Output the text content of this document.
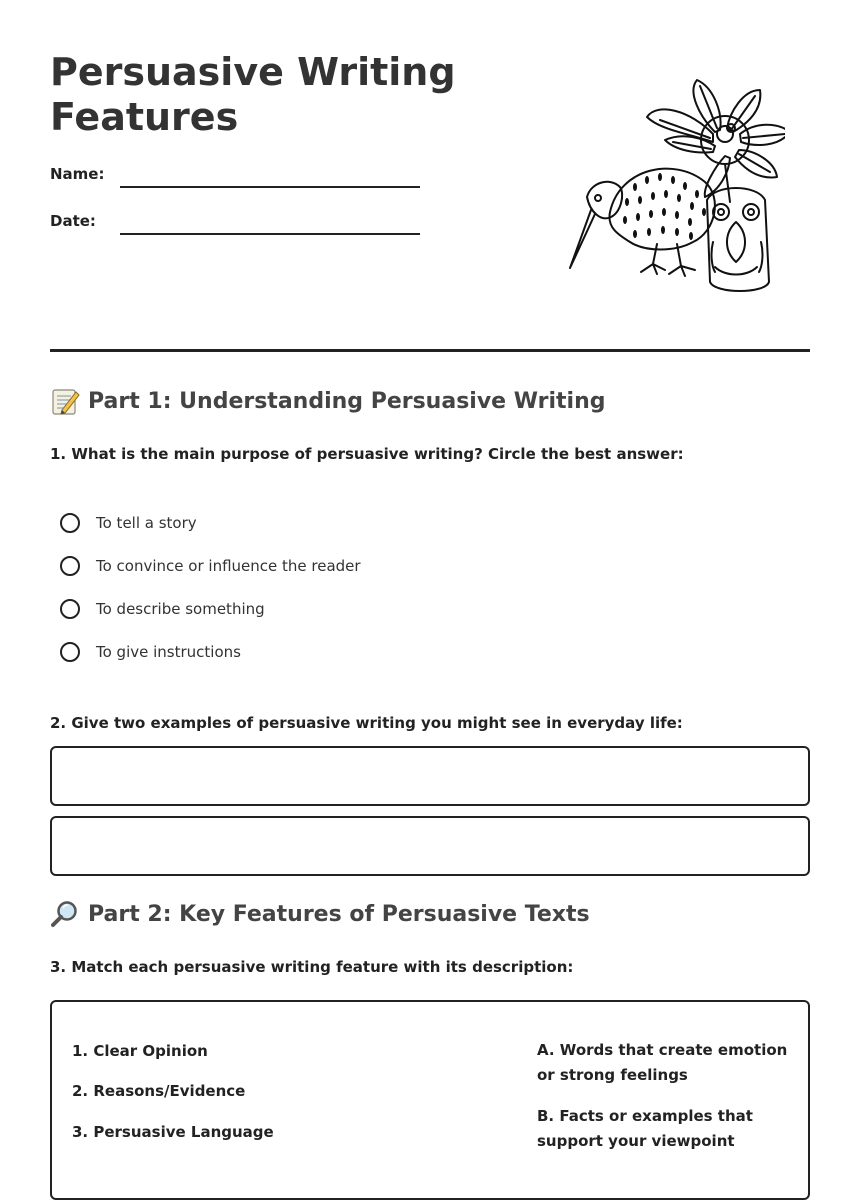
Persuasive Writing
Features
Name:
Date:
Part 1: Understanding Persuasive Writing
1. What is the main purpose of persuasive writing? Circle the best answer:
To tell a story
To convince or influence the reader
To describe something
To give instructions
2. Give two examples of persuasive writing you might see in everyday life:
Part 2: Key Features of Persuasive Texts
3. Match each persuasive writing feature with its description:
1. Clear Opinion
2. Reasons/Evidence
3. Persuasive Language
A. Words that create emotion or strong feelings
B. Facts or examples that support your viewpoint
